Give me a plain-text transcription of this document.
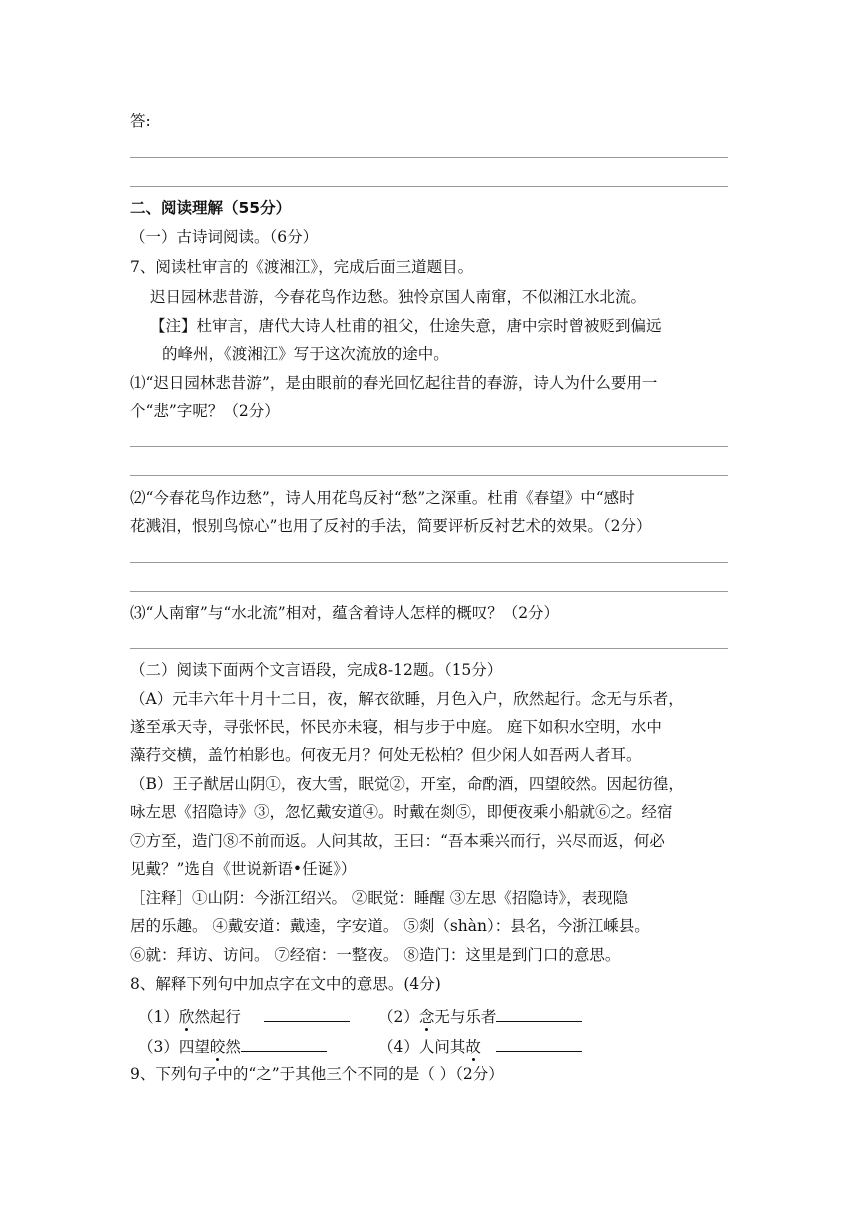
答:
二、阅读理解（55分）
（一）古诗词阅读。（6分）
7、阅读杜审言的《渡湘江》，完成后面三道题目。
迟日园林悲昔游，今春花鸟作边愁。独怜京国人南窜，不似湘江水北流。
【注】杜审言，唐代大诗人杜甫的祖父，仕途失意，唐中宗时曾被贬到偏远
的峰州，《渡湘江》写于这次流放的途中。
⑴“迟日园林悲昔游”，是由眼前的春光回忆起往昔的春游，诗人为什么要用一
个“悲”字呢？（2分）
⑵“今春花鸟作边愁”，诗人用花鸟反衬“愁”之深重。杜甫《春望》中“感时
花溅泪，恨别鸟惊心”也用了反衬的手法，简要评析反衬艺术的效果。（2分）
⑶“人南窜”与“水北流”相对，蕴含着诗人怎样的概叹？（2分）
（二）阅读下面两个文言语段，完成8-12题。（15分）
（A）元丰六年十月十二日，夜，解衣欲睡，月色入户，欣然起行。念无与乐者，
遂至承天寺，寻张怀民，怀民亦未寝，相与步于中庭。 庭下如积水空明，水中
藻荇交横，盖竹柏影也。何夜无月？何处无松柏？但少闲人如吾两人者耳。
（B）王子猷居山阴①，夜大雪，眠觉②，开室，命酌酒，四望皎然。因起彷徨，
咏左思《招隐诗》③，忽忆戴安道④。时戴在剡⑤，即便夜乘小船就⑥之。经宿
⑦方至，造门⑧不前而返。人问其故，王曰：“吾本乘兴而行，兴尽而返，何必
见戴？”选自《世说新语•任诞》）
［注释］①山阴：今浙江绍兴。 ②眠觉：睡醒 ③左思《招隐诗》，表现隐
居的乐趣。 ④戴安道：戴逵，字安道。 ⑤剡（shàn）：县名，今浙江嵊县。
⑥就：拜访、访问。 ⑦经宿：一整夜。 ⑧造门：这里是到门口的意思。
8、解释下列句中加点字在文中的意思。(4分)
（1）欣然起行	（2）念无与乐者
（3）四望皎然	（4）人问其故
9、下列句子中的“之”于其他三个不同的是（ ）（2分）
